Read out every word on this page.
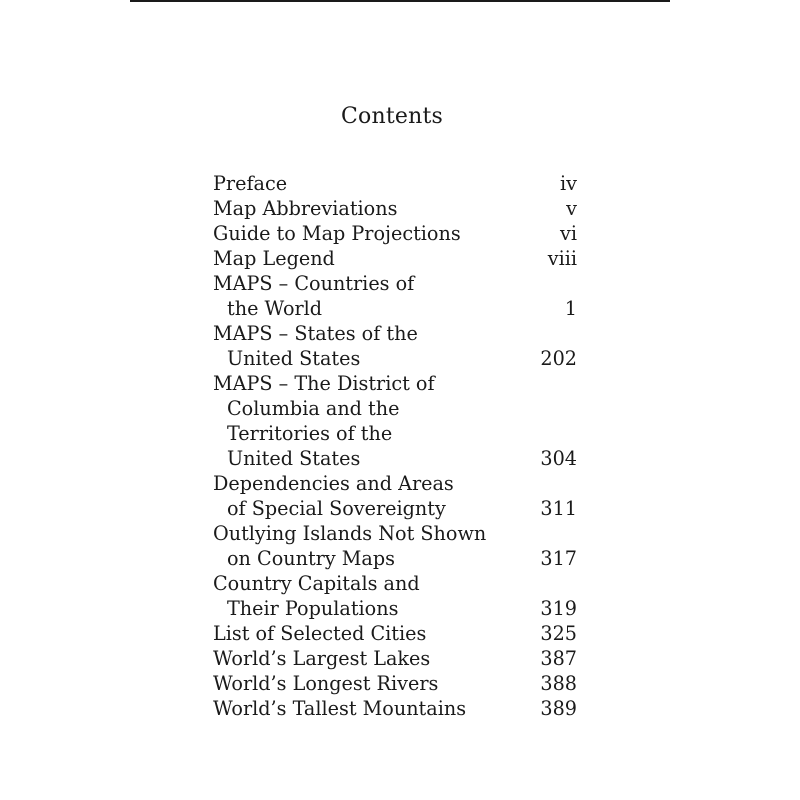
Contents
Preface	iv
Map Abbreviations	v
Guide to Map Projections	vi
Map Legend	viii
MAPS – Countries of
the World	1
MAPS – States of the
United States	202
MAPS – The District of
Columbia and the
Territories of the
United States	304
Dependencies and Areas
of Special Sovereignty	311
Outlying Islands Not Shown
on Country Maps	317
Country Capitals and
Their Populations	319
List of Selected Cities	325
World’s Largest Lakes	387
World’s Longest Rivers	388
World’s Tallest Mountains	389
